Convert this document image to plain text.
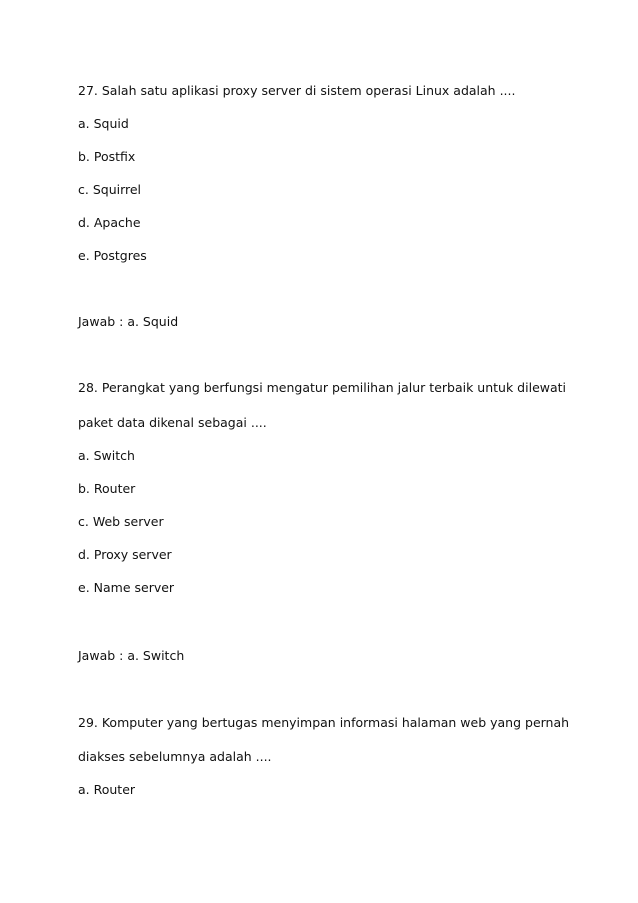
27. Salah satu aplikasi proxy server di sistem operasi Linux adalah ....
a. Squid
b. Postfix
c. Squirrel
d. Apache
e. Postgres
Jawab : a. Squid
28. Perangkat yang berfungsi mengatur pemilihan jalur terbaik untuk dilewati
paket data dikenal sebagai ....
a. Switch
b. Router
c. Web server
d. Proxy server
e. Name server
Jawab : a. Switch
29. Komputer yang bertugas menyimpan informasi halaman web yang pernah
diakses sebelumnya adalah ....
a. Router
